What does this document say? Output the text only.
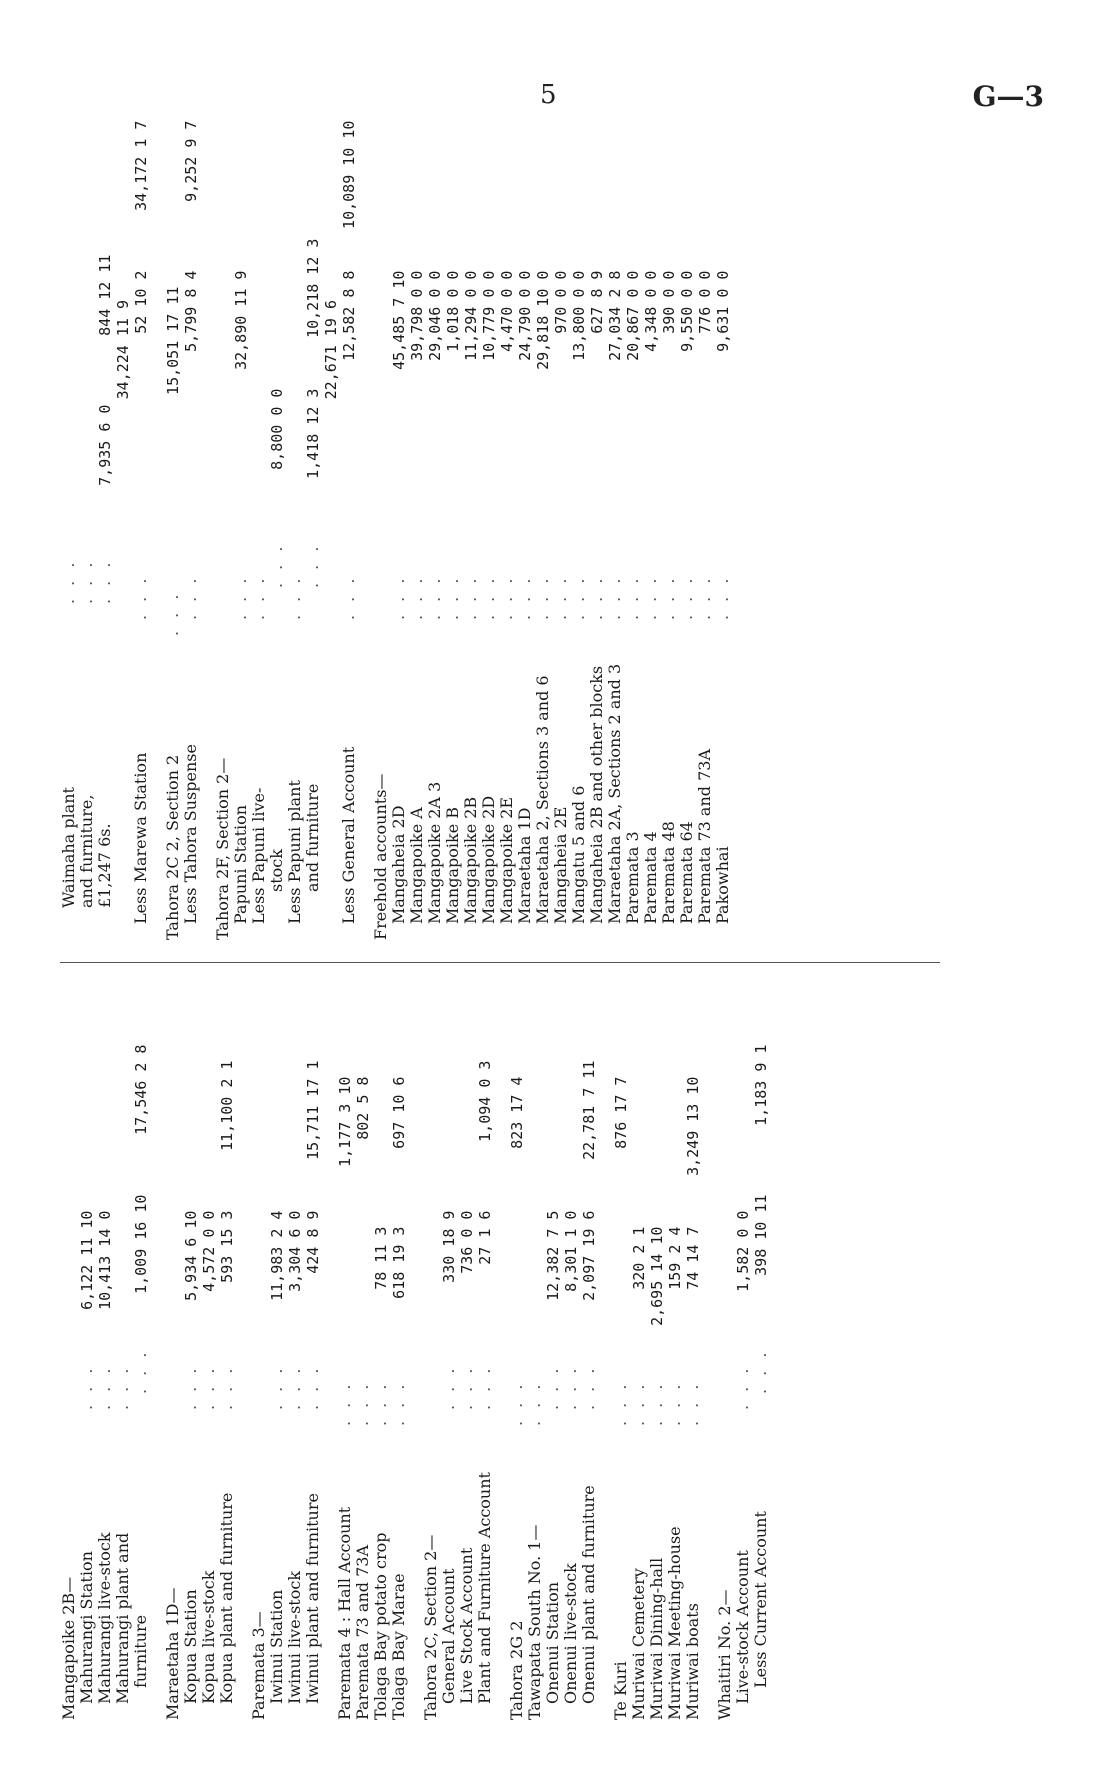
5	G—3
Mangapoike 2B— Mahurangi Station
. . .
6,122 11 10
Mahurangi live-stock
. . .
10,413 14 0
Mahurangi plant and
. . .
furniture
. . .
1,009 16 10
17,546 2 8
Maraetaha 1D— Kopua Station
. . .
5,934 6 10
Kopua live-stock
. . .
4,572 0 0
Kopua plant and furniture
. . .
593 15 3
11,100 2 1
Paremata 3— Iwinui Station
. . .
11,983 2 4
Iwinui live-stock
. . .
3,304 6 0
Iwinui plant and furniture
. . .
424 8 9
15,711 17 1
Paremata 4 : Hall Account
. . .
1,177 3 10
Paremata 73 and 73A
. . .
802 5 8
Tolaga Bay potato crop
. . .
78 11 3
Tolaga Bay Marae
. . .
618 19 3
697 10 6
Tahora 2C, Section 2— General Account
. . .
330 18 9
Live Stock Account
. . .
736 0 0
Plant and Furniture Account
. . .
27 1 6
1,094 0 3
Tahora 2G 2
. . .
823 17 4
Tawapata South No. 1—
. . .
Onenui Station
. . .
12,382 7 5
Onenui live-stock
. . .
8,301 1 0
Onenui plant and furniture
. . .
2,097 19 6
22,781 7 11
Te Kuri
. . .
876 17 7
Muriwai Cemetery
. . .
320 2 1
Muriwai Dining-hall
. . .
2,695 14 10
Muriwai Meeting-house
. . .
159 2 4
Muriwai boats
. . .
74 14 7
3,249 13 10
Whaitiri No. 2— Live-stock Account
. . .
1,582 0 0
Less Current Account
. . .
398 10 11
1,183 9 1
Waimaha plant
. . .
and furniture,
. . .
£1,247 6s.
. . .
7,935 6 0
844 12 11
34,224 11 9
Less Marewa Station
. . .
52 10 2
34,172 1 7
Tahora 2C 2, Section 2
. . .
15,051 17 11
Less Tahora Suspense
. . .
5,799 8 4
9,252 9 7
Tahora 2F, Section 2— Papuni Station
. . .
32,890 11 9
Less Papuni live-
. . .
stock
. . .
8,800 0 0
Less Papuni plant
. . .
and furniture
. . .
1,418 12 3
10,218 12 3
22,671 19 6
Less General Account
. . .
12,582 8 8
10,089 10 10
Freehold accounts— Mangaheia 2D
. . .
45,485 7 10
Mangapoike A
. . .
39,798 0 0
Mangapoike 2A 3
. . .
29,046 0 0
Mangapoike B
. . .
1,018 0 0
Mangapoike 2B
. . .
11,294 0 0
Mangapoike 2D
. . .
10,779 0 0
Mangapoike 2E
. . .
4,470 0 0
Maraetaha 1D
. . .
24,790 0 0
Maraetaha 2, Sections 3 and 6
. . .
29,818 10 0
Mangaheia 2E
. . .
970 0 0
Mangatu 5 and 6
. . .
13,800 0 0
Mangaheia 2B and other blocks
. . .
627 8 9
Maraetaha 2A, Sections 2 and 3
. . .
27,034 2 8
Paremata 3
. . .
20,867 0 0
Paremata 4
. . .
4,348 0 0
Paremata 48
. . .
390 0 0
Paremata 64
. . .
9,550 0 0
Paremata 73 and 73A
. . .
776 0 0
Pakowhai
. . .
9,631 0 0
